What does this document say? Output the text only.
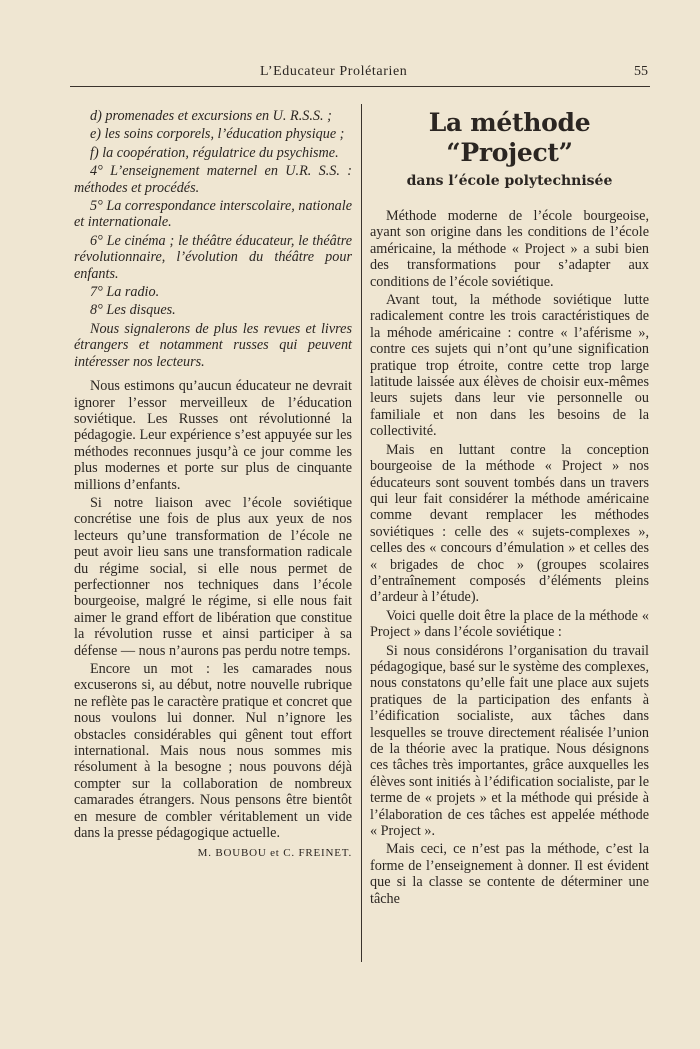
L’Educateur Prolétarien	55

d) promenades et excursions en U. R.S.S. ;

e) les soins corporels, l’éducation physique ;

f) la coopération, régulatrice du psychisme.

4° L’enseignement maternel en U.R. S.S. : méthodes et procédés.

5° La correspondance interscolaire, nationale et internationale.

6° Le cinéma ; le théâtre éducateur, le théâtre révolutionnaire, l’évolution du théâtre pour enfants.

7° La radio.

8° Les disques.

Nous signalerons de plus les revues et livres étrangers et notamment russes qui peuvent intéresser nos lecteurs.

Nous estimons qu’aucun éducateur ne devrait ignorer l’essor merveilleux de l’éducation soviétique. Les Russes ont révolutionné la pédagogie. Leur expérience s’est appuyée sur les méthodes reconnues jusqu’à ce jour comme les plus modernes et porte sur plus de cinquante millions d’enfants.

Si notre liaison avec l’école soviétique concrétise une fois de plus aux yeux de nos lecteurs qu’une transformation de l’école ne peut avoir lieu sans une transformation radicale du régime social, si elle nous permet de perfectionner nos techniques dans l’école bourgeoise, malgré le régime, si elle nous fait aimer le grand effort de libération que constitue la révolution russe et ainsi participer à sa défense — nous n’aurons pas perdu notre temps.

Encore un mot : les camarades nous excuserons si, au début, notre nouvelle rubrique ne reflète pas le caractère pratique et concret que nous voulons lui donner. Nul n’ignore les obstacles considérables qui gênent tout effort international. Mais nous nous sommes mis résolument à la besogne ; nous pouvons déjà compter sur la collaboration de nombreux camarades étrangers. Nous pensons être bientôt en mesure de combler véritablement un vide dans la presse pédagogique actuelle.

M. BOUBOU et C. FREINET.
La méthode “Project”
dans l’école polytechnisée

Méthode moderne de l’école bourgeoise, ayant son origine dans les conditions de l’école américaine, la méthode « Project » a subi bien des transformations pour s’adapter aux conditions de l’école soviétique.

Avant tout, la méthode soviétique lutte radicalement contre les trois caractéristiques de la méhode américaine : contre « l’aférisme », contre ces sujets qui n’ont qu’une signification pratique trop étroite, contre cette trop large latitude laissée aux élèves de choisir eux-mêmes leurs sujets dans leur vie personnelle ou familiale et non dans les besoins de la collectivité.

Mais en luttant contre la conception bourgeoise de la méthode « Project » nos éducateurs sont souvent tombés dans un travers qui leur fait considérer la méthode américaine comme devant remplacer les méthodes soviétiques : celle des « sujets-complexes », celles des « concours d’émulation » et celles des « brigades de choc » (groupes scolaires d’entraînement composés d’éléments pleins d’ardeur à l’étude).

Voici quelle doit être la place de la méthode « Project » dans l’école soviétique :

Si nous considérons l’organisation du travail pédagogique, basé sur le système des complexes, nous constatons qu’elle fait une place aux sujets pratiques de la participation des enfants à l’édification socialiste, aux tâches dans lesquelles se trouve directement réalisée l’union de la théorie avec la pratique. Nous désignons ces tâches très importantes, grâce auxquelles les élèves sont initiés à l’édification socialiste, par le terme de « projets » et la méthode qui préside à l’élaboration de ces tâches est appelée méthode « Project ».

Mais ceci, ce n’est pas la méthode, c’est la forme de l’enseignement à donner. Il est évident que si la classe se contente de déterminer une tâche
